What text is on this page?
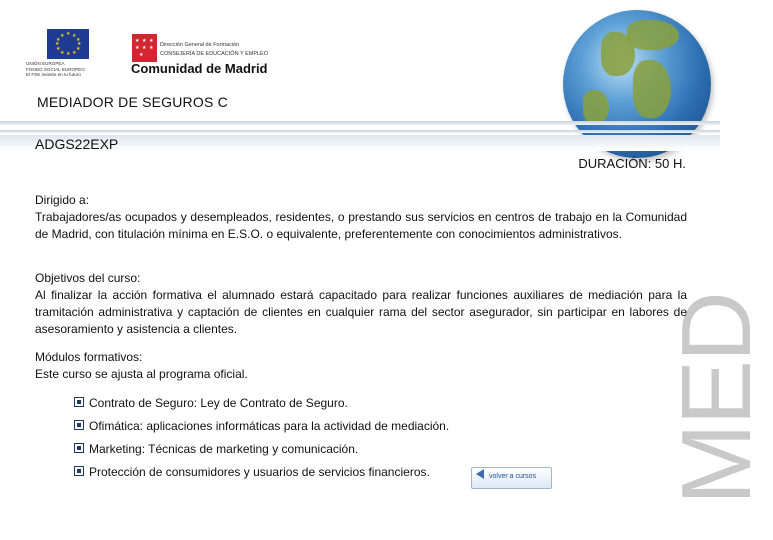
★ ★
★
★
★
★
★
★
★
★
★
★
UNIÓN EUROPEA
FONDO SOCIAL EUROPEO
El FSE invierte en tu futuro
★ ★ ★
★ ★ ★
★
Dirección General de Formación
CONSEJERÍA DE EDUCACIÓN Y EMPLEO
Comunidad de Madrid
MEDIADOR DE SEGUROS C
ADGS22EXP
DURACIÓN: 50 H.
MED
Dirigido a:
Trabajadores/as ocupados y desempleados, residentes, o prestando sus servicios en centros de trabajo en la Comunidad de Madrid, con titulación mínima en E.S.O. o equivalente, preferentemente con conocimientos administrativos.
Objetivos del curso:
Al finalizar la acción formativa el alumnado estará capacitado para realizar funciones auxiliares de mediación para la tramitación administrativa y captación de clientes en cualquier rama del sector asegurador, sin participar en labores de asesoramiento y asistencia a clientes.
Módulos formativos:
Este curso se ajusta al programa oficial.
Contrato de Seguro: Ley de Contrato de Seguro.
Ofimática: aplicaciones informáticas para la actividad de mediación.
Marketing: Técnicas de marketing y comunicación.
Protección de consumidores y usuarios de servicios financieros.	volver a cursos
